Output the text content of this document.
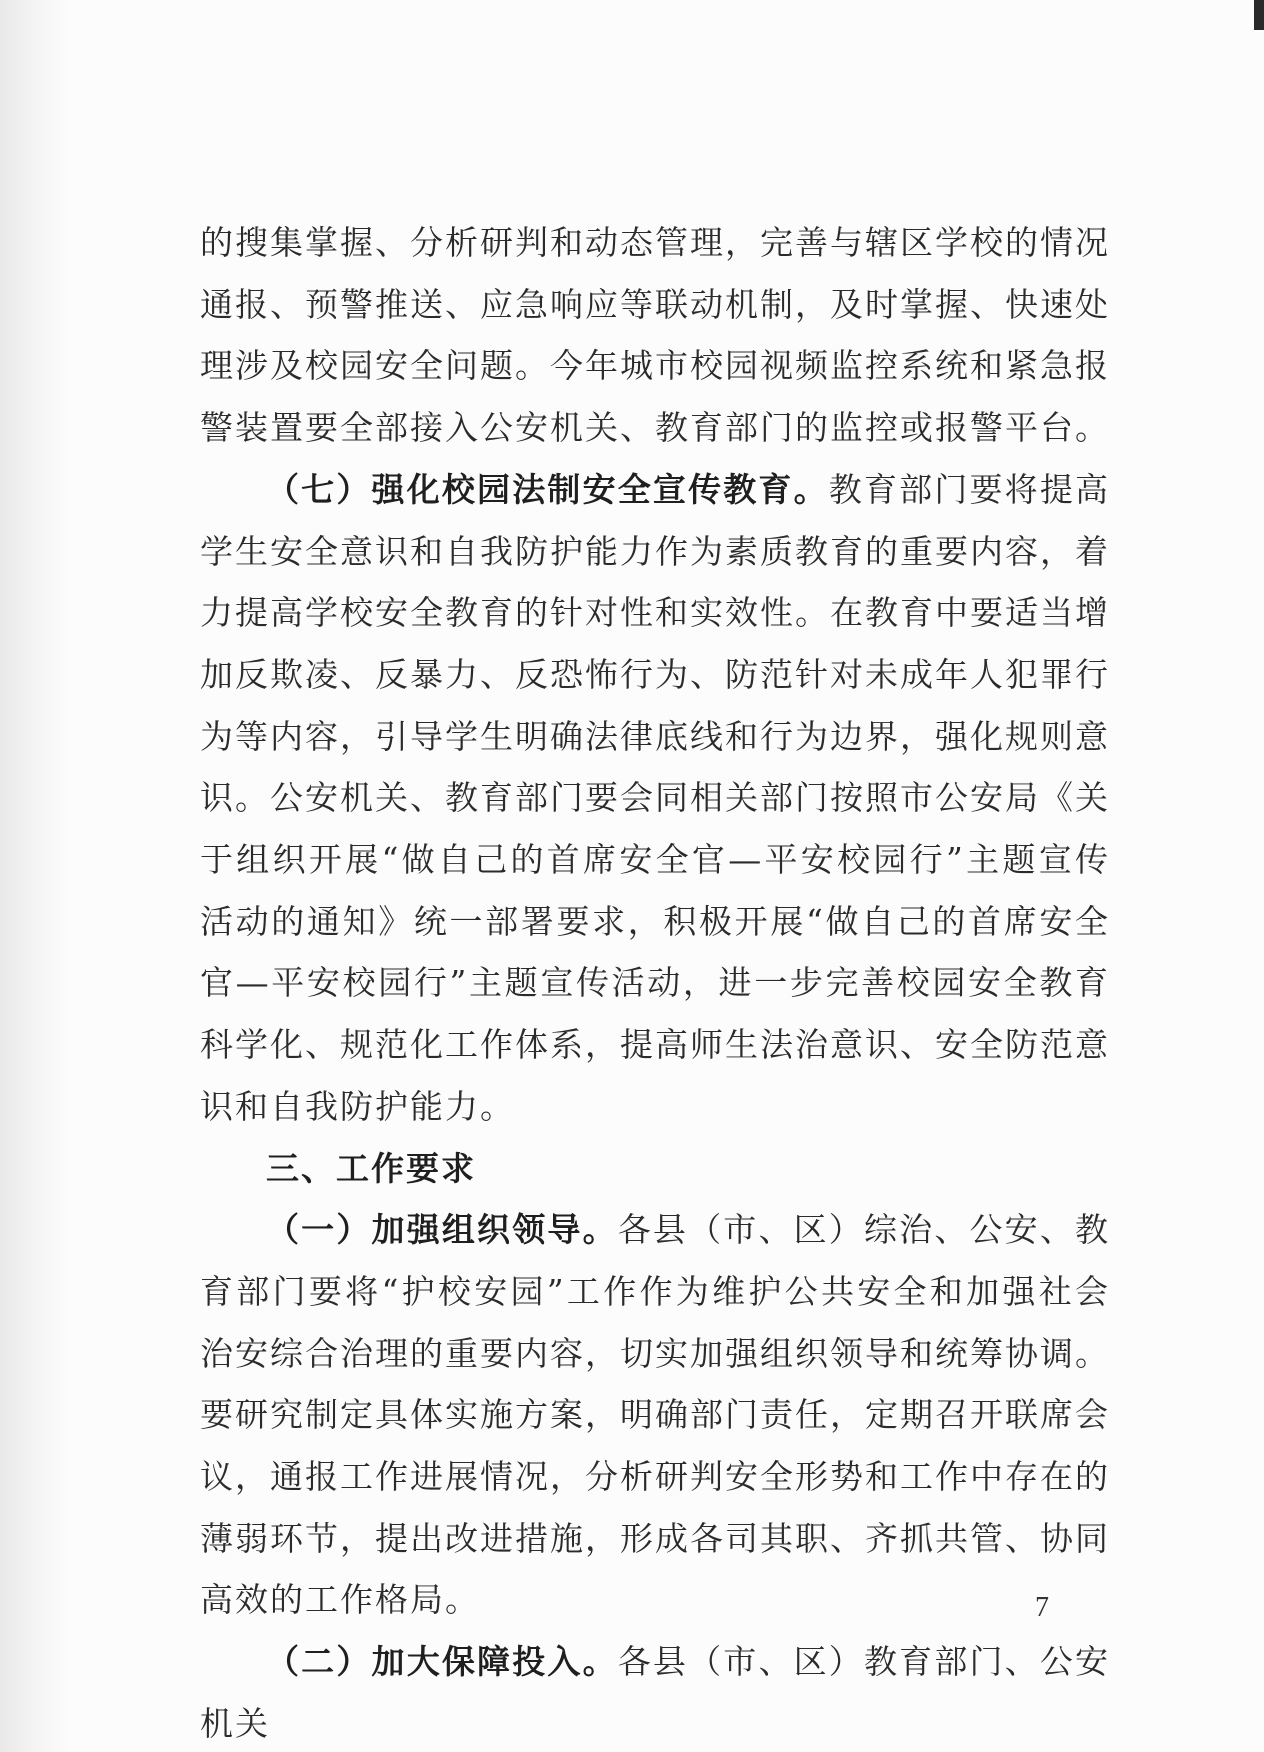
的搜集掌握、分析研判和动态管理，完善与辖区学校的情况通报、预警推送、应急响应等联动机制，及时掌握、快速处理涉及校园安全问题。今年城市校园视频监控系统和紧急报警装置要全部接入公安机关、教育部门的监控或报警平台。

（七）强化校园法制安全宣传教育。教育部门要将提高学生安全意识和自我防护能力作为素质教育的重要内容，着力提高学校安全教育的针对性和实效性。在教育中要适当增加反欺凌、反暴力、反恐怖行为、防范针对未成年人犯罪行为等内容，引导学生明确法律底线和行为边界，强化规则意识。公安机关、教育部门要会同相关部门按照市公安局《关于组织开展“做自己的首席安全官—平安校园行”主题宣传活动的通知》统一部署要求，积极开展“做自己的首席安全官—平安校园行”主题宣传活动，进一步完善校园安全教育科学化、规范化工作体系，提高师生法治意识、安全防范意识和自我防护能力。

三、工作要求

（一）加强组织领导。各县（市、区）综治、公安、教育部门要将“护校安园”工作作为维护公共安全和加强社会治安综合治理的重要内容，切实加强组织领导和统筹协调。要研究制定具体实施方案，明确部门责任，定期召开联席会议，通报工作进展情况，分析研判安全形势和工作中存在的薄弱环节，提出改进措施，形成各司其职、齐抓共管、协同高效的工作格局。

（二）加大保障投入。各县（市、区）教育部门、公安机关

7
